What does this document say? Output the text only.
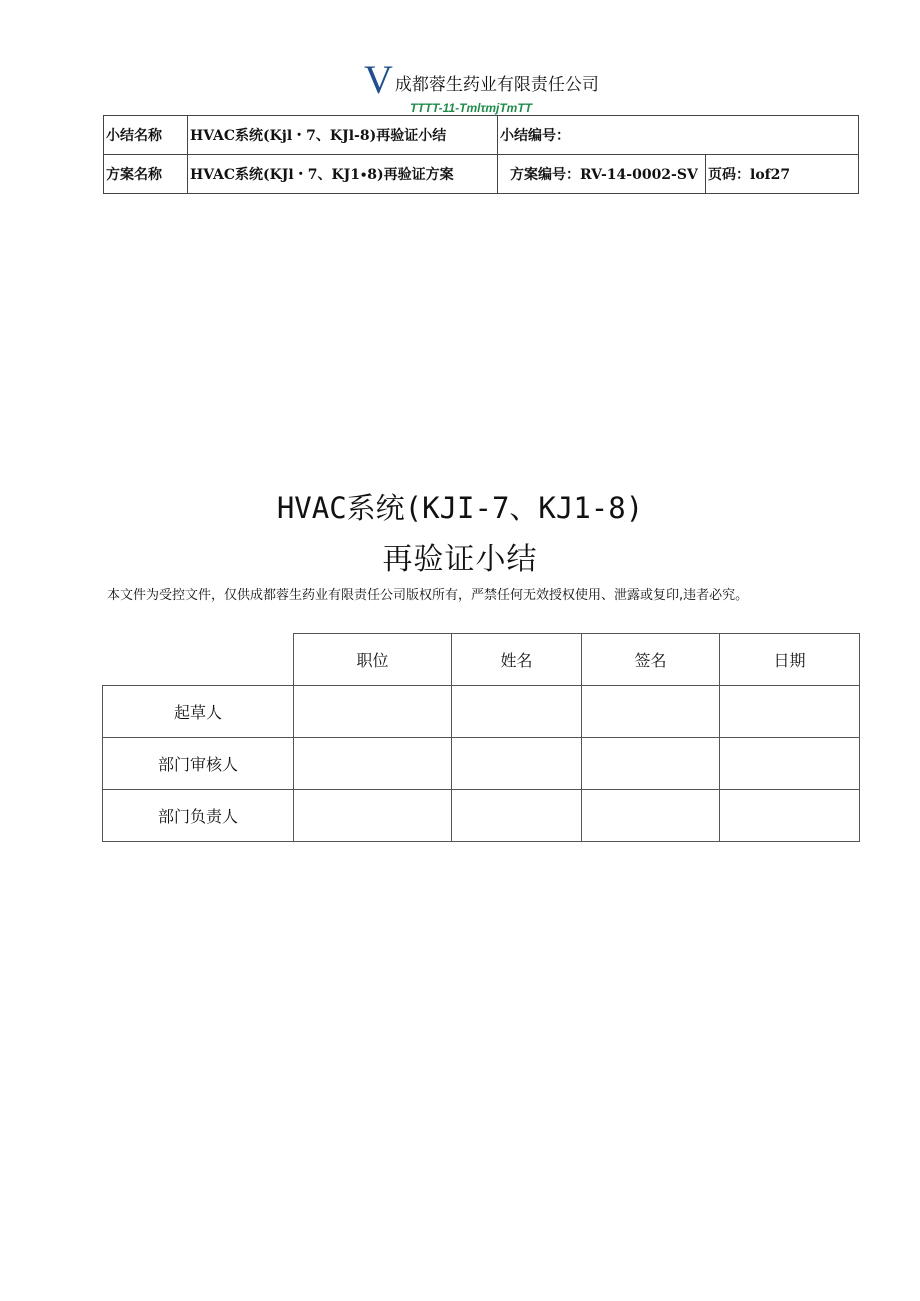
V 成都蓉生药业有限责任公司
TTTT-11-TmlτmjTmTT
小结名称	HVAC系统(Kjl・7、KJl-8)再验证小结	小结编号：	
方案名称	HVAC系统(KJl・7、KJ1∙8)再验证方案	方案编号：RV-14-0002-SV	页码：lof27
HVAC系统(KJI-7、KJ1-8)
再验证小结
本文件为受控文件，仅供成都蓉生药业有限责任公司版权所有，严禁任何无效授权使用、泄露或复印,违者必究。
	职位	姓名	签名	日期
起草人				
部门审核人				
部门负责人				
